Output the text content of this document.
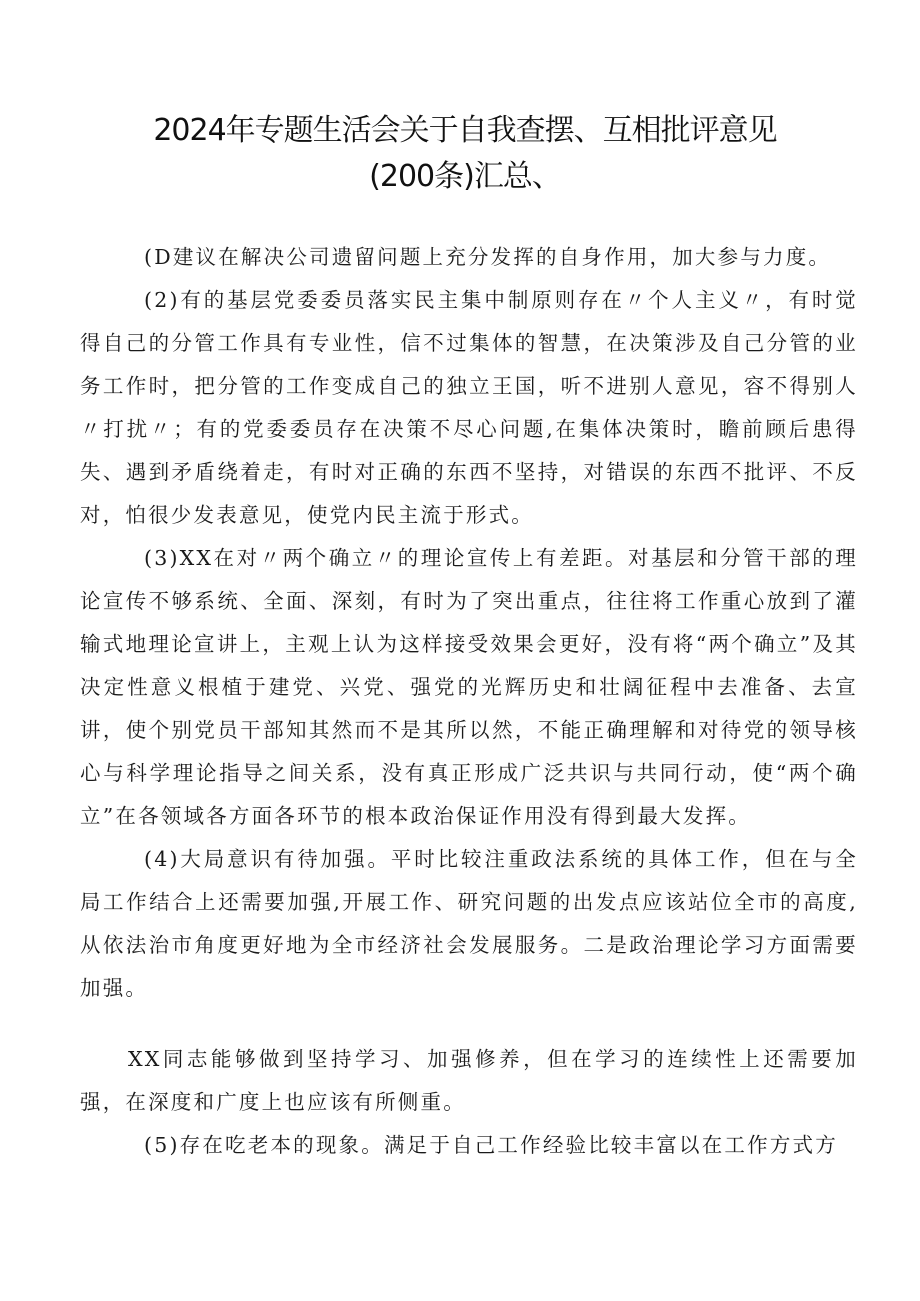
2024年专题生活会关于自我查摆、互相批评意见
(200条)汇总、

(D建议在解决公司遗留问题上充分发挥的自身作用，加大参与力度。

(2)有的基层党委委员落实民主集中制原则存在〃个人主义〃，有时觉得自己的分管工作具有专业性，信不过集体的智慧，在决策涉及自己分管的业务工作时，把分管的工作变成自己的独立王国，听不进别人意见，容不得别人〃打扰〃；有的党委委员存在决策不尽心问题,在集体决策时，瞻前顾后患得失、遇到矛盾绕着走，有时对正确的东西不坚持，对错误的东西不批评、不反对，怕很少发表意见，使党内民主流于形式。

(3)XX在对〃两个确立〃的理论宣传上有差距。对基层和分管干部的理论宣传不够系统、全面、深刻，有时为了突出重点，往往将工作重心放到了灌输式地理论宣讲上，主观上认为这样接受效果会更好，没有将“两个确立”及其决定性意义根植于建党、兴党、强党的光辉历史和壮阔征程中去准备、去宣讲，使个别党员干部知其然而不是其所以然，不能正确理解和对待党的领导核心与科学理论指导之间关系，没有真正形成广泛共识与共同行动，使“两个确立”在各领域各方面各环节的根本政治保证作用没有得到最大发挥。

(4)大局意识有待加强。平时比较注重政法系统的具体工作，但在与全局工作结合上还需要加强,开展工作、研究问题的出发点应该站位全市的高度,从依法治市角度更好地为全市经济社会发展服务。二是政治理论学习方面需要加强。

XX同志能够做到坚持学习、加强修养，但在学习的连续性上还需要加强，在深度和广度上也应该有所侧重。

(5)存在吃老本的现象。满足于自己工作经验比较丰富以在工作方式方
